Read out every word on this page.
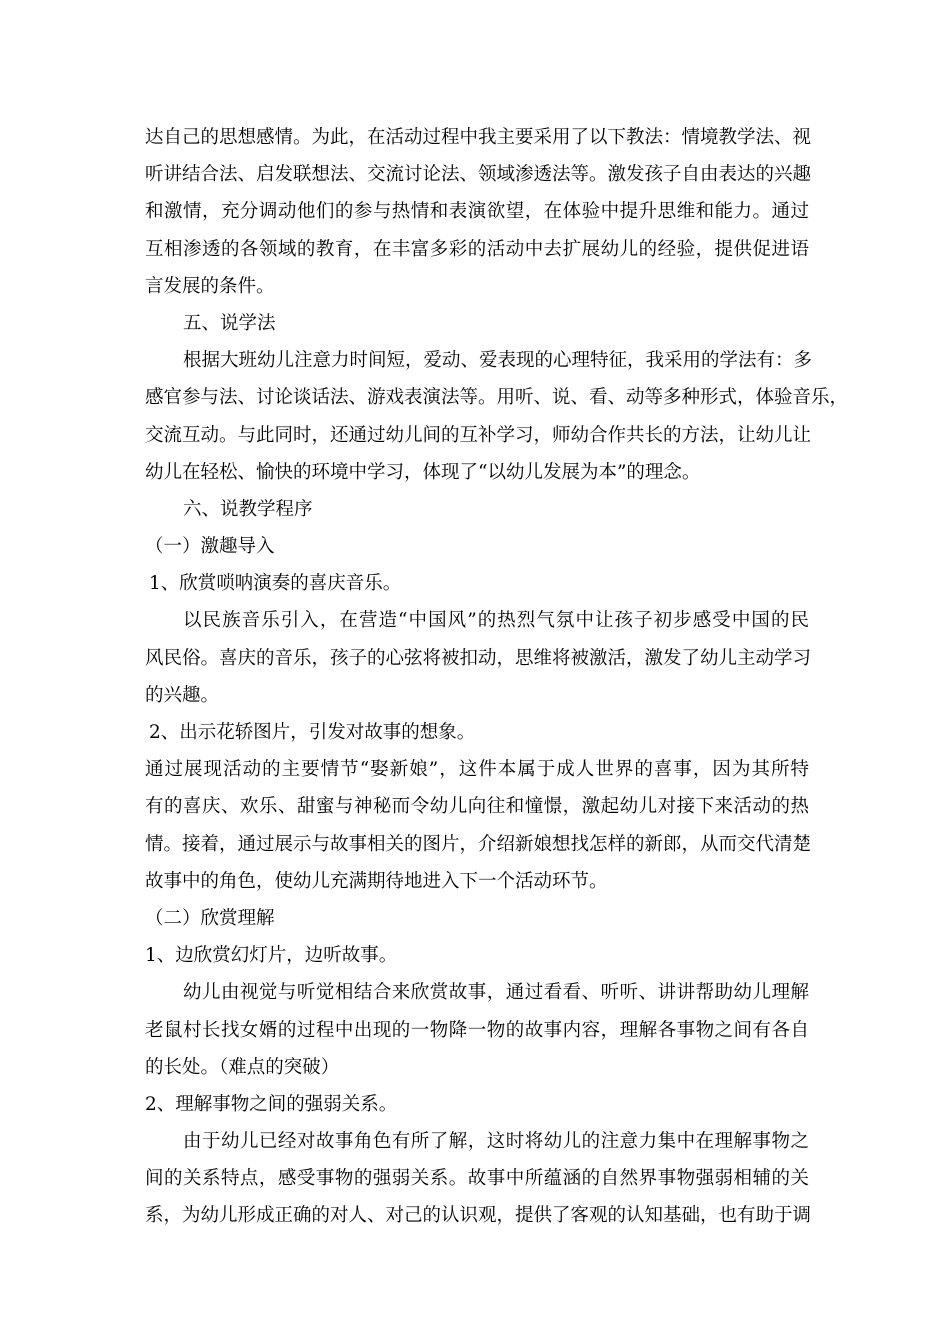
达自己的思想感情。为此，在活动过程中我主要采用了以下教法：情境教学法、视
听讲结合法、启发联想法、交流讨论法、领域渗透法等。激发孩子自由表达的兴趣
和激情，充分调动他们的参与热情和表演欲望，在体验中提升思维和能力。通过
互相渗透的各领域的教育，在丰富多彩的活动中去扩展幼儿的经验，提供促进语
言发展的条件。
五、说学法
根据大班幼儿注意力时间短，爱动、爱表现的心理特征，我采用的学法有：多
感官参与法、讨论谈话法、游戏表演法等。用听、说、看、动等多种形式，体验音乐，
交流互动。与此同时，还通过幼儿间的互补学习，师幼合作共长的方法，让幼儿让
幼儿在轻松、愉快的环境中学习，体现了“以幼儿发展为本”的理念。
六、说教学程序
（一）激趣导入
1、欣赏唢呐演奏的喜庆音乐。
以民族音乐引入，在营造“中国风”的热烈气氛中让孩子初步感受中国的民
风民俗。喜庆的音乐，孩子的心弦将被扣动，思维将被激活，激发了幼儿主动学习
的兴趣。
2、出示花轿图片，引发对故事的想象。
通过展现活动的主要情节“娶新娘”，这件本属于成人世界的喜事，因为其所特
有的喜庆、欢乐、甜蜜与神秘而令幼儿向往和憧憬，激起幼儿对接下来活动的热
情。接着，通过展示与故事相关的图片，介绍新娘想找怎样的新郎，从而交代清楚
故事中的角色，使幼儿充满期待地进入下一个活动环节。
（二）欣赏理解
1、边欣赏幻灯片，边听故事。
幼儿由视觉与听觉相结合来欣赏故事，通过看看、听听、讲讲帮助幼儿理解
老鼠村长找女婿的过程中出现的一物降一物的故事内容，理解各事物之间有各自
的长处。（难点的突破）
2、理解事物之间的强弱关系。
由于幼儿已经对故事角色有所了解，这时将幼儿的注意力集中在理解事物之
间的关系特点，感受事物的强弱关系。故事中所蕴涵的自然界事物强弱相辅的关
系，为幼儿形成正确的对人、对己的认识观，提供了客观的认知基础，也有助于调
